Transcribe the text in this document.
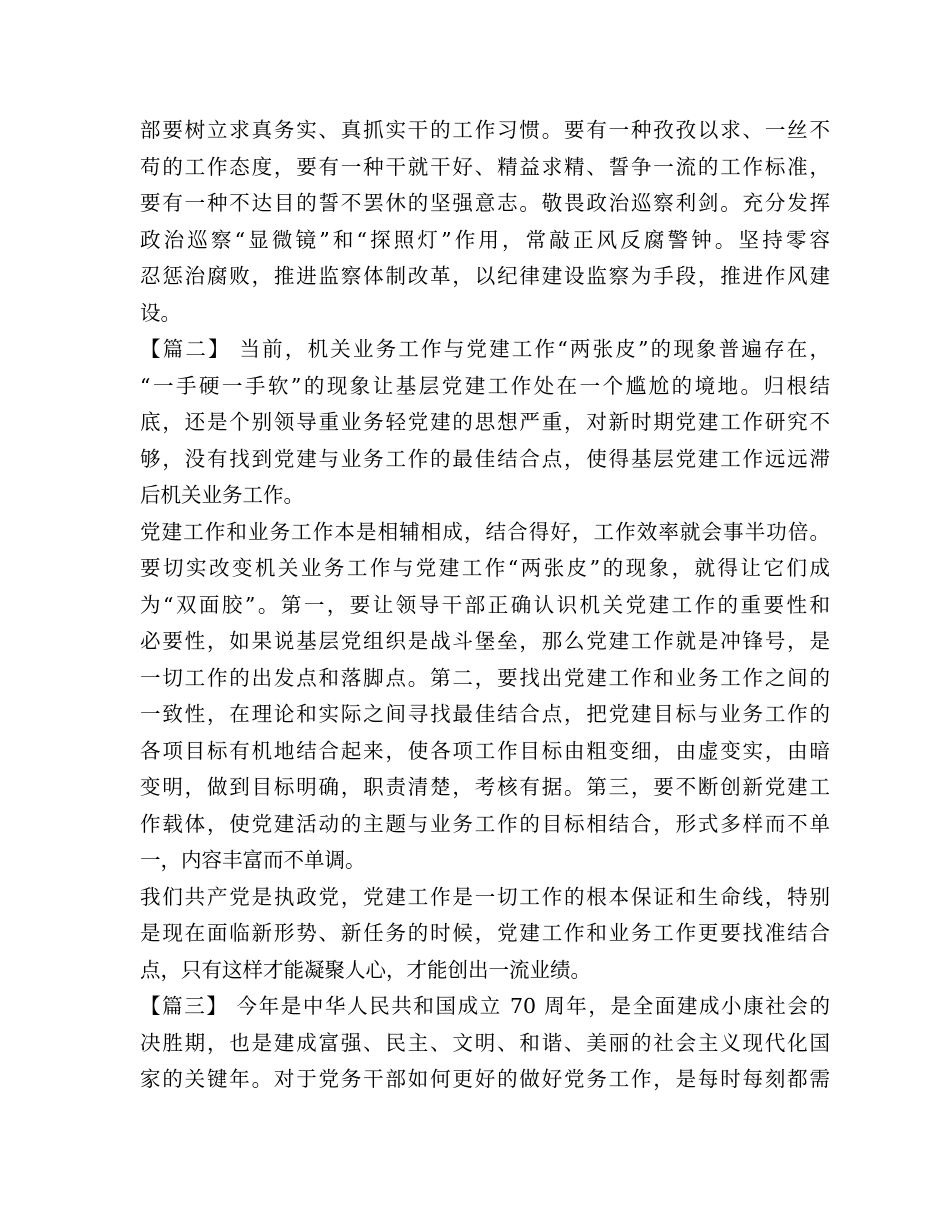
部要树立求真务实、真抓实干的工作习惯。要有一种孜孜以求、一丝不
苟的工作态度，要有一种干就干好、精益求精、誓争一流的工作标准，
要有一种不达目的誓不罢休的坚强意志。敬畏政治巡察利剑。充分发挥
政治巡察“显微镜”和“探照灯”作用，常敲正风反腐警钟。坚持零容
忍惩治腐败，推进监察体制改革，以纪律建设监察为手段，推进作风建
设。
【篇二】 当前，机关业务工作与党建工作“两张皮”的现象普遍存在，
“一手硬一手软”的现象让基层党建工作处在一个尴尬的境地。归根结
底，还是个别领导重业务轻党建的思想严重，对新时期党建工作研究不
够，没有找到党建与业务工作的最佳结合点，使得基层党建工作远远滞
后机关业务工作。
党建工作和业务工作本是相辅相成，结合得好，工作效率就会事半功倍。
要切实改变机关业务工作与党建工作“两张皮”的现象，就得让它们成
为“双面胶”。第一，要让领导干部正确认识机关党建工作的重要性和
必要性，如果说基层党组织是战斗堡垒，那么党建工作就是冲锋号，是
一切工作的出发点和落脚点。第二，要找出党建工作和业务工作之间的
一致性，在理论和实际之间寻找最佳结合点，把党建目标与业务工作的
各项目标有机地结合起来，使各项工作目标由粗变细，由虚变实，由暗
变明，做到目标明确，职责清楚，考核有据。第三，要不断创新党建工
作载体，使党建活动的主题与业务工作的目标相结合，形式多样而不单
一，内容丰富而不单调。
我们共产党是执政党，党建工作是一切工作的根本保证和生命线，特别
是现在面临新形势、新任务的时候，党建工作和业务工作更要找准结合
点，只有这样才能凝聚人心，才能创出一流业绩。
【篇三】 今年是中华人民共和国成立 70 周年，是全面建成小康社会的
决胜期，也是建成富强、民主、文明、和谐、美丽的社会主义现代化国
家的关键年。对于党务干部如何更好的做好党务工作，是每时每刻都需
